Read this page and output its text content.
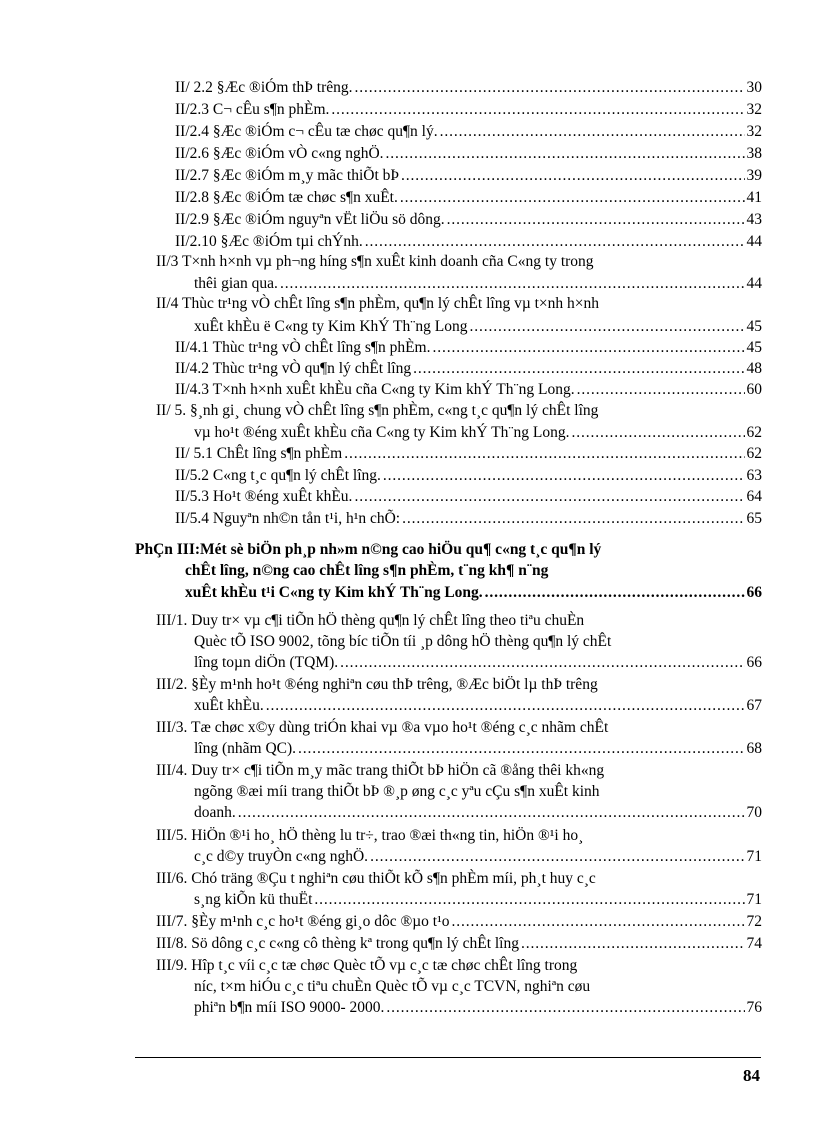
II/ 2.2 §Æc ®iÓm thÞ trêng. . . .	30
II/2.3 C¬ cÊu s¶n phÈm. . . .	32
II/2.4 §Æc ®iÓm c¬ cÊu tæ chøc qu¶n lý. . . .	32
II/2.6 §Æc ®iÓm vÒ c«ng nghÖ. . . .	38
II/2.7 §Æc ®iÓm m¸y mãc thiÕt bÞ . . .	39
II/2.8 §Æc ®iÓm tæ chøc s¶n xuÊt. . . .	41
II/2.9 §Æc ®iÓm nguyªn vËt liÖu sö dông. . . .	43
II/2.10 §Æc ®iÓm tµi chÝnh. . . .	44
II/3 T×nh h×nh vµ ph¬ng híng s¶n xuÊt kinh doanh cña C«ng ty trong
thêi gian qua. . . .	44
II/4 Thùc tr¹ng vÒ chÊt lîng s¶n phÈm, qu¶n lý chÊt lîng vµ t×nh h×nh
xuÊt khÈu ë C«ng ty Kim KhÝ Th¨ng Long . . .	45
II/4.1 Thùc tr¹ng vÒ chÊt lîng s¶n phÈm. . . .	45
II/4.2 Thùc tr¹ng vÒ qu¶n lý chÊt lîng . . .	48
II/4.3 T×nh h×nh xuÊt khÈu cña C«ng ty Kim khÝ Th¨ng Long. . . .	60
II/ 5. §¸nh gi¸ chung vÒ chÊt lîng s¶n phÈm, c«ng t¸c qu¶n lý chÊt lîng
vµ ho¹t ®éng xuÊt khÈu cña C«ng ty Kim khÝ Th¨ng Long. . . .	62
II/ 5.1 ChÊt lîng s¶n phÈm . . .	62
II/5.2 C«ng t¸c qu¶n lý chÊt lîng. . . .	63
II/5.3 Ho¹t ®éng xuÊt khÈu. . . .	64
II/5.4 Nguyªn nh©n tån t¹i, h¹n chÕ: . . .	65
PhÇn III:Mét sè biÖn ph¸p nh»m n©ng cao hiÖu qu¶ c«ng t¸c qu¶n lý
chÊt lîng, n©ng cao chÊt lîng s¶n phÈm, t¨ng kh¶ n¨ng
xuÊt khÈu t¹i C«ng ty Kim khÝ Th¨ng Long. . . .	66
III/1. Duy tr× vµ c¶i tiÕn hÖ thèng qu¶n lý chÊt lîng theo tiªu chuÈn
Quèc tÕ ISO 9002, tõng bíc tiÕn tíi ¸p dông hÖ thèng qu¶n lý chÊt
lîng toµn diÖn (TQM). . . .	66
III/2. §Èy m¹nh ho¹t ®éng nghiªn cøu thÞ trêng, ®Æc biÖt lµ thÞ trêng
xuÊt khÈu. . . .	67
III/3. Tæ chøc x©y dùng triÓn khai vµ ®a vµo ho¹t ®éng c¸c nhãm chÊt
lîng (nhãm QC). . . .	68
III/4. Duy tr× c¶i tiÕn m¸y mãc trang thiÕt bÞ hiÖn cã ®ång thêi kh«ng
ngõng ®æi míi trang thiÕt bÞ ®¸p øng c¸c yªu cÇu s¶n xuÊt kinh
doanh. . . .	70
III/5. HiÖn ®¹i ho¸ hÖ thèng lu tr÷, trao ®æi th«ng tin, hiÖn ®¹i ho¸
c¸c d©y truyÒn c«ng nghÖ. . . .	71
III/6. Chó träng ®Çu t nghiªn cøu thiÕt kÕ s¶n phÈm míi, ph¸t huy c¸c
s¸ng kiÕn kü thuËt . . .	71
III/7. §Èy m¹nh c¸c ho¹t ®éng gi¸o dôc ®µo t¹o . . .	72
III/8. Sö dông c¸c c«ng cô thèng kª trong qu¶n lý chÊt lîng . . .	74
III/9. Hîp t¸c víi c¸c tæ chøc Quèc tÕ vµ c¸c tæ chøc chÊt lîng trong
níc, t×m hiÓu c¸c tiªu chuÈn Quèc tÕ vµ c¸c TCVN, nghiªn cøu
phiªn b¶n míi ISO 9000- 2000. . . .	76
84
